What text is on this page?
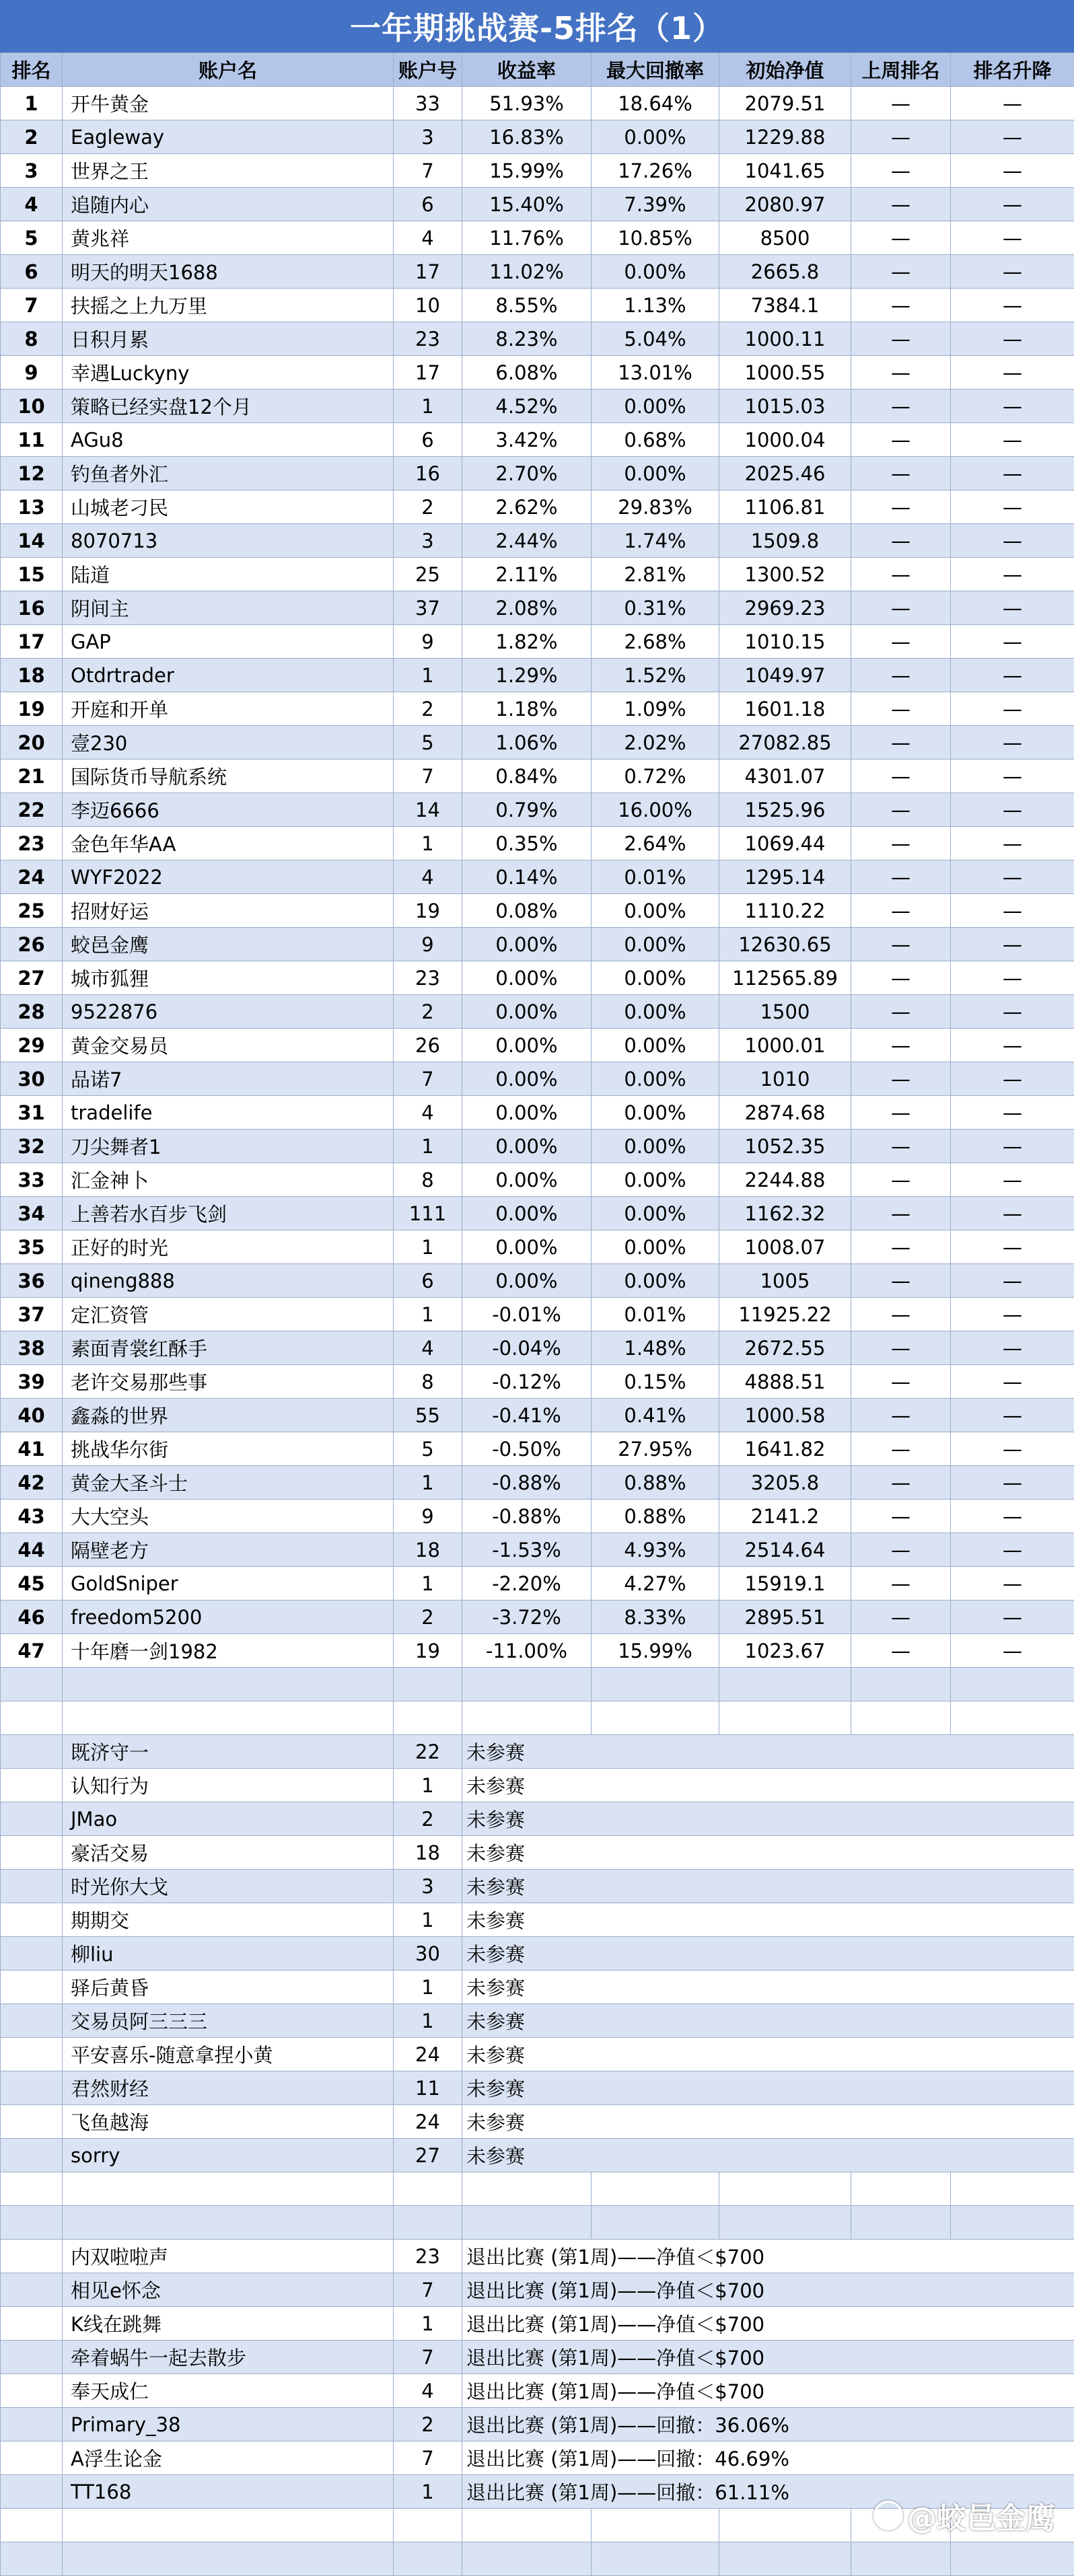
一年期挑战赛-5排名（1）
排名	账户名	账户号	收益率	最大回撤率	初始净值	上周排名	排名升降
1	开牛黄金	33	51.93%	18.64%	2079.51	—	—
2	Eagleway	3	16.83%	0.00%	1229.88	—	—
3	世界之王	7	15.99%	17.26%	1041.65	—	—
4	追随内心	6	15.40%	7.39%	2080.97	—	—
5	黄兆祥	4	11.76%	10.85%	8500	—	—
6	明天的明天1688	17	11.02%	0.00%	2665.8	—	—
7	扶摇之上九万里	10	8.55%	1.13%	7384.1	—	—
8	日积月累	23	8.23%	5.04%	1000.11	—	—
9	幸遇Luckyny	17	6.08%	13.01%	1000.55	—	—
10	策略已经实盘12个月	1	4.52%	0.00%	1015.03	—	—
11	AGu8	6	3.42%	0.68%	1000.04	—	—
12	钓鱼者外汇	16	2.70%	0.00%	2025.46	—	—
13	山城老刁民	2	2.62%	29.83%	1106.81	—	—
14	8070713	3	2.44%	1.74%	1509.8	—	—
15	陆道	25	2.11%	2.81%	1300.52	—	—
16	阴间主	37	2.08%	0.31%	2969.23	—	—
17	GAP	9	1.82%	2.68%	1010.15	—	—
18	Otdrtrader	1	1.29%	1.52%	1049.97	—	—
19	开庭和开单	2	1.18%	1.09%	1601.18	—	—
20	壹230	5	1.06%	2.02%	27082.85	—	—
21	国际货币导航系统	7	0.84%	0.72%	4301.07	—	—
22	李迈6666	14	0.79%	16.00%	1525.96	—	—
23	金色年华AA	1	0.35%	2.64%	1069.44	—	—
24	WYF2022	4	0.14%	0.01%	1295.14	—	—
25	招财好运	19	0.08%	0.00%	1110.22	—	—
26	蛟邑金鹰	9	0.00%	0.00%	12630.65	—	—
27	城市狐狸	23	0.00%	0.00%	112565.89	—	—
28	9522876	2	0.00%	0.00%	1500	—	—
29	黄金交易员	26	0.00%	0.00%	1000.01	—	—
30	品诺7	7	0.00%	0.00%	1010	—	—
31	tradelife	4	0.00%	0.00%	2874.68	—	—
32	刀尖舞者1	1	0.00%	0.00%	1052.35	—	—
33	汇金神卜	8	0.00%	0.00%	2244.88	—	—
34	上善若水百步飞剑	111	0.00%	0.00%	1162.32	—	—
35	正好的时光	1	0.00%	0.00%	1008.07	—	—
36	qineng888	6	0.00%	0.00%	1005	—	—
37	定汇资管	1	-0.01%	0.01%	11925.22	—	—
38	素面青裳红酥手	4	-0.04%	1.48%	2672.55	—	—
39	老许交易那些事	8	-0.12%	0.15%	4888.51	—	—
40	鑫淼的世界	55	-0.41%	0.41%	1000.58	—	—
41	挑战华尔街	5	-0.50%	27.95%	1641.82	—	—
42	黄金大圣斗士	1	-0.88%	0.88%	3205.8	—	—
43	大大空头	9	-0.88%	0.88%	2141.2	—	—
44	隔壁老方	18	-1.53%	4.93%	2514.64	—	—
45	GoldSniper	1	-2.20%	4.27%	15919.1	—	—
46	freedom5200	2	-3.72%	8.33%	2895.51	—	—
47	十年磨一剑1982	19	-11.00%	15.99%	1023.67	—	—

	既济守一	22	未参赛				
	认知行为	1	未参赛				
	JMao	2	未参赛				
	豪活交易	18	未参赛				
	时光你大戈	3	未参赛				
	期期交	1	未参赛				
	柳liu	30	未参赛				
	驿后黄昏	1	未参赛				
	交易员阿三三三	1	未参赛				
	平安喜乐-随意拿捏小黄	24	未参赛				
	君然财经	11	未参赛				
	飞鱼越海	24	未参赛				
	sorry	27	未参赛				

	内双啦啦声	23	退出比赛 (第1周)——净值＜$700				
	相见e怀念	7	退出比赛 (第1周)——净值＜$700				
	K线在跳舞	1	退出比赛 (第1周)——净值＜$700				
	牵着蜗牛一起去散步	7	退出比赛 (第1周)——净值＜$700				
	奉天成仁	4	退出比赛 (第1周)——净值＜$700				
	Primary_38	2	退出比赛 (第1周)——回撤：36.06%				
	A浮生论金	7	退出比赛 (第1周)——回撤：46.69%				
	TT168	1	退出比赛 (第1周)——回撤：61.11%				

@蛟邑金鹰
